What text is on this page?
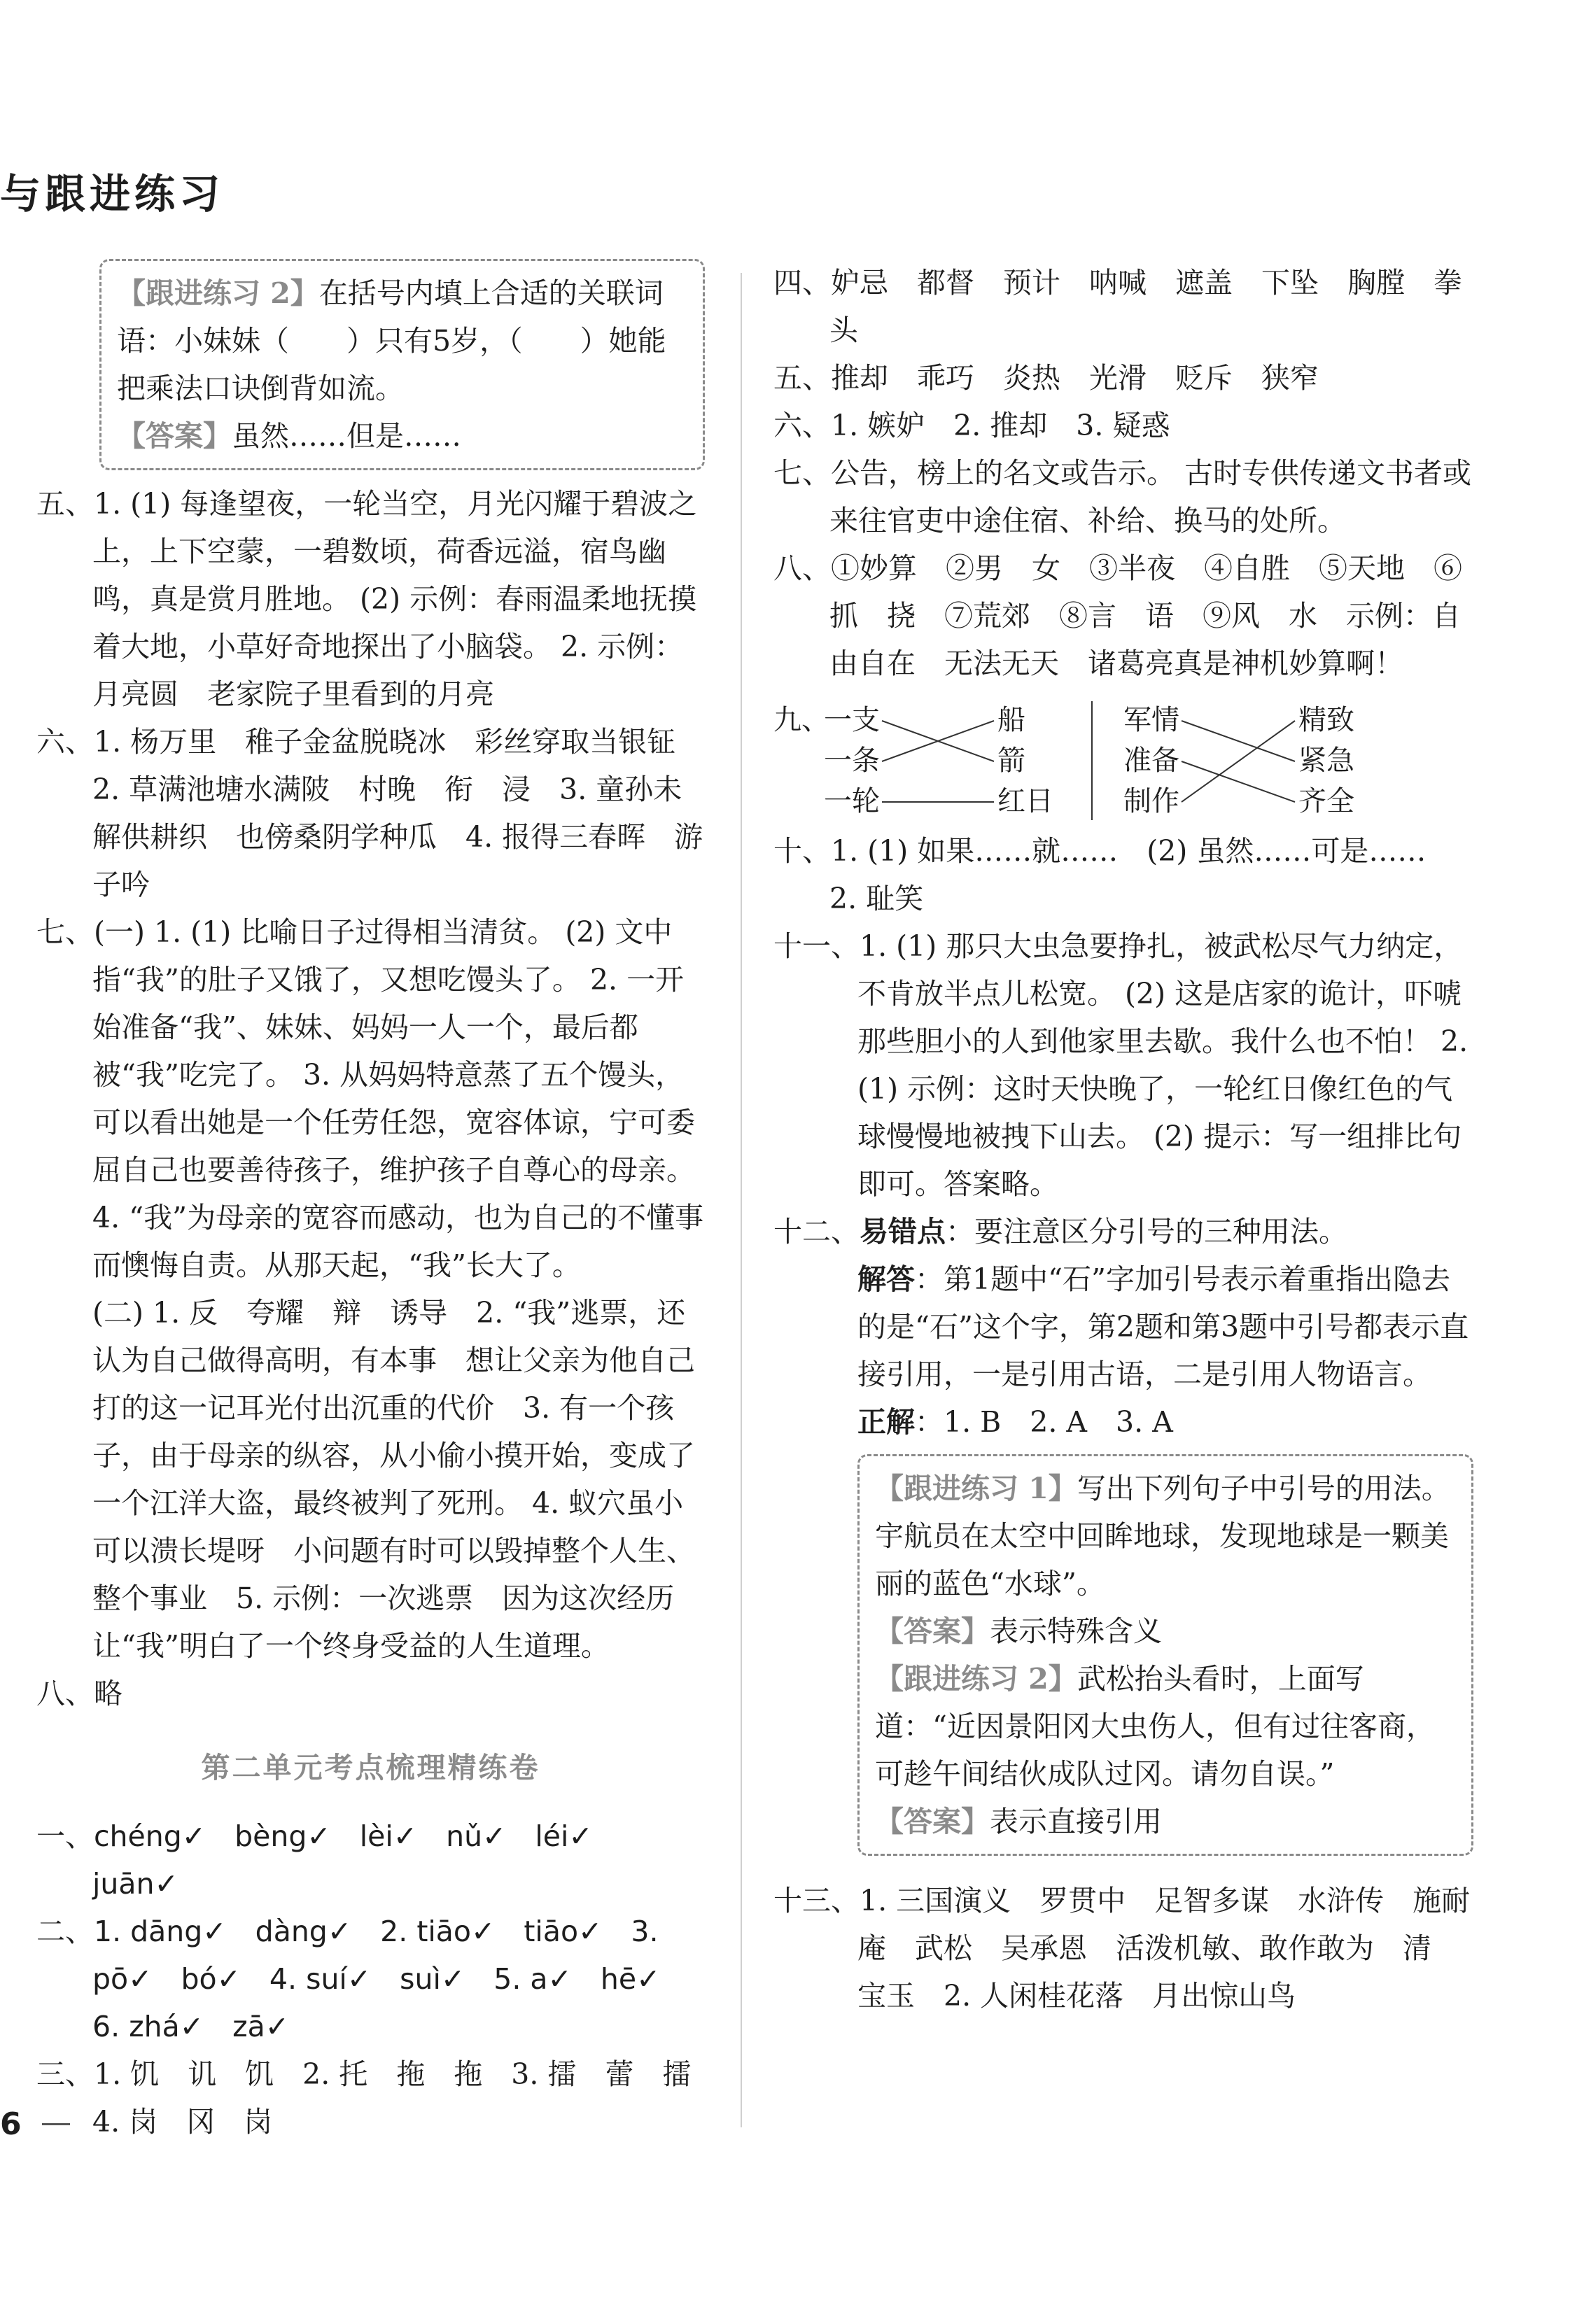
与跟进练习

【跟进练习 2】在括号内填上合适的关联词语：小妹妹（　　）只有5岁，（　　）她能把乘法口诀倒背如流。

【答案】虽然……但是……

五、1. (1) 每逢望夜，一轮当空，月光闪耀于碧波之上，上下空蒙，一碧数顷，荷香远溢，宿鸟幽鸣，真是赏月胜地。 (2) 示例：春雨温柔地抚摸着大地，小草好奇地探出了小脑袋。 2. 示例：月亮圆　老家院子里看到的月亮

六、1. 杨万里　稚子金盆脱晓冰　彩丝穿取当银钲　2. 草满池塘水满陂　村晚　衔　浸　3. 童孙未解供耕织　也傍桑阴学种瓜　4. 报得三春晖　游子吟

七、(一) 1. (1) 比喻日子过得相当清贫。 (2) 文中指“我”的肚子又饿了，又想吃馒头了。 2. 一开始准备“我”、妹妹、妈妈一人一个，最后都被“我”吃完了。 3. 从妈妈特意蒸了五个馒头，可以看出她是一个任劳任怨，宽容体谅，宁可委屈自己也要善待孩子，维护孩子自尊心的母亲。 4. “我”为母亲的宽容而感动，也为自己的不懂事而懊悔自责。从那天起，“我”长大了。

(二) 1. 反　夸耀　辩　诱导　2. “我”逃票，还认为自己做得高明，有本事　想让父亲为他自己打的这一记耳光付出沉重的代价　3. 有一个孩子，由于母亲的纵容，从小偷小摸开始，变成了一个江洋大盗，最终被判了死刑。 4. 蚁穴虽小可以溃长堤呀　小问题有时可以毁掉整个人生、整个事业　5. 示例：一次逃票　因为这次经历让“我”明白了一个终身受益的人生道理。

八、略

第二单元考点梳理精练卷

一、chéng✓　bèng✓　lèi✓　nǔ✓　léi✓　juān✓

二、1. dāng✓　dàng✓　2. tiāo✓　tiāo✓　3. pō✓　bó✓　4. suí✓　suì✓　5. a✓　hē✓　6. zhá✓　zā✓

三、1. 饥　讥　饥　2. 托　拖　拖　3. 擂　蕾　擂　4. 岗　冈　岗

四、妒忌　都督　预计　呐喊　遮盖　下坠　胸膛　拳头

五、推却　乖巧　炎热　光滑　贬斥　狭窄

六、1. 嫉妒　2. 推却　3. 疑惑

七、公告，榜上的名文或告示。 古时专供传递文书者或来往官吏中途住宿、补给、换马的处所。

八、①妙算　②男　女　③半夜　④自胜　⑤天地　⑥抓　挠　⑦荒郊　⑧言　语　⑨风　水　示例：自由自在　无法无天　诸葛亮真是神机妙算啊！

九、
一支
一条
一轮
船
箭
红日
军情
准备
制作
精致
紧急
齐全

十、1. (1) 如果……就……　(2) 虽然……可是……　2. 耻笑

十一、1. (1) 那只大虫急要挣扎，被武松尽气力纳定，不肯放半点儿松宽。 (2) 这是店家的诡计，吓唬那些胆小的人到他家里去歇。我什么也不怕！ 2. (1) 示例：这时天快晚了，一轮红日像红色的气球慢慢地被拽下山去。 (2) 提示：写一组排比句即可。答案略。

十二、易错点：要注意区分引号的三种用法。

解答：第1题中“石”字加引号表示着重指出隐去的是“石”这个字，第2题和第3题中引号都表示直接引用，一是引用古语，二是引用人物语言。

正解：1. B　2. A　3. A

【跟进练习 1】写出下列句子中引号的用法。宇航员在太空中回眸地球，发现地球是一颗美丽的蓝色“水球”。

【答案】表示特殊含义

【跟进练习 2】武松抬头看时，上面写道：“近因景阳冈大虫伤人，但有过往客商，可趁午间结伙成队过冈。请勿自误。”

【答案】表示直接引用

十三、1. 三国演义　罗贯中　足智多谋　水浒传　施耐庵　武松　吴承恩　活泼机敏、敢作敢为　清　宝玉　2. 人闲桂花落　月出惊山鸟

6
